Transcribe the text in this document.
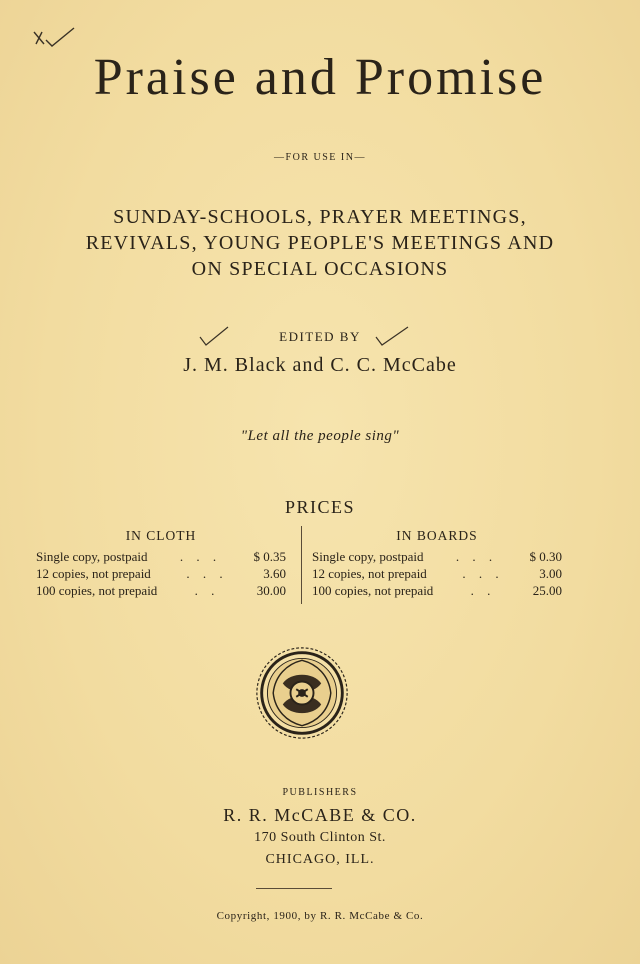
Praise and Promise
—FOR USE IN—
SUNDAY-SCHOOLS, PRAYER MEETINGS,
REVIVALS, YOUNG PEOPLE'S MEETINGS AND
ON SPECIAL OCCASIONS
EDITED BY
J. M. Black and C. C. McCabe
"Let all the people sing"
PRICES
IN CLOTH
Single copy, postpaid	. . .	$ 0.35
12 copies, not prepaid	. . .	3.60
100 copies, not prepaid	. .	30.00
IN BOARDS
Single copy, postpaid	. . .	$ 0.30
12 copies, not prepaid	. . .	3.00
100 copies, not prepaid	. .	25.00
PUBLISHERS
R. R. McCABE & CO.
170 South Clinton St.
CHICAGO, ILL.
Copyright, 1900, by R. R. McCabe & Co.
